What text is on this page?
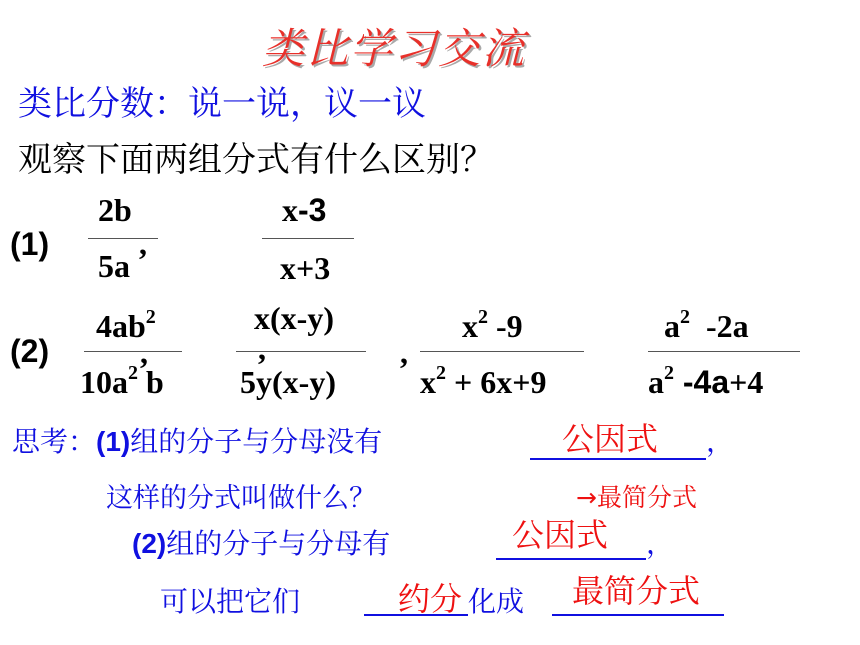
类比学习交流
类比分数：说一说，议一议
观察下面两组分式有什么区别？
(1)
2b
5a
,
x-3
x+3
(2)
$4ab^2$
$10a^2$ b
,
x(x-y)
5y(x-y)
,	,
$x^2$ -9
$x^2 + 6x+9$
$a^2$  -2a
$a^2$ -4a+4
思考：(1)组的分子与分母没有	公因式 ，
这样的分式叫做什么？	→最简分式
(2)组的分子与分母有	公因式 ，
可以把它们	约分 化成 最简分式
